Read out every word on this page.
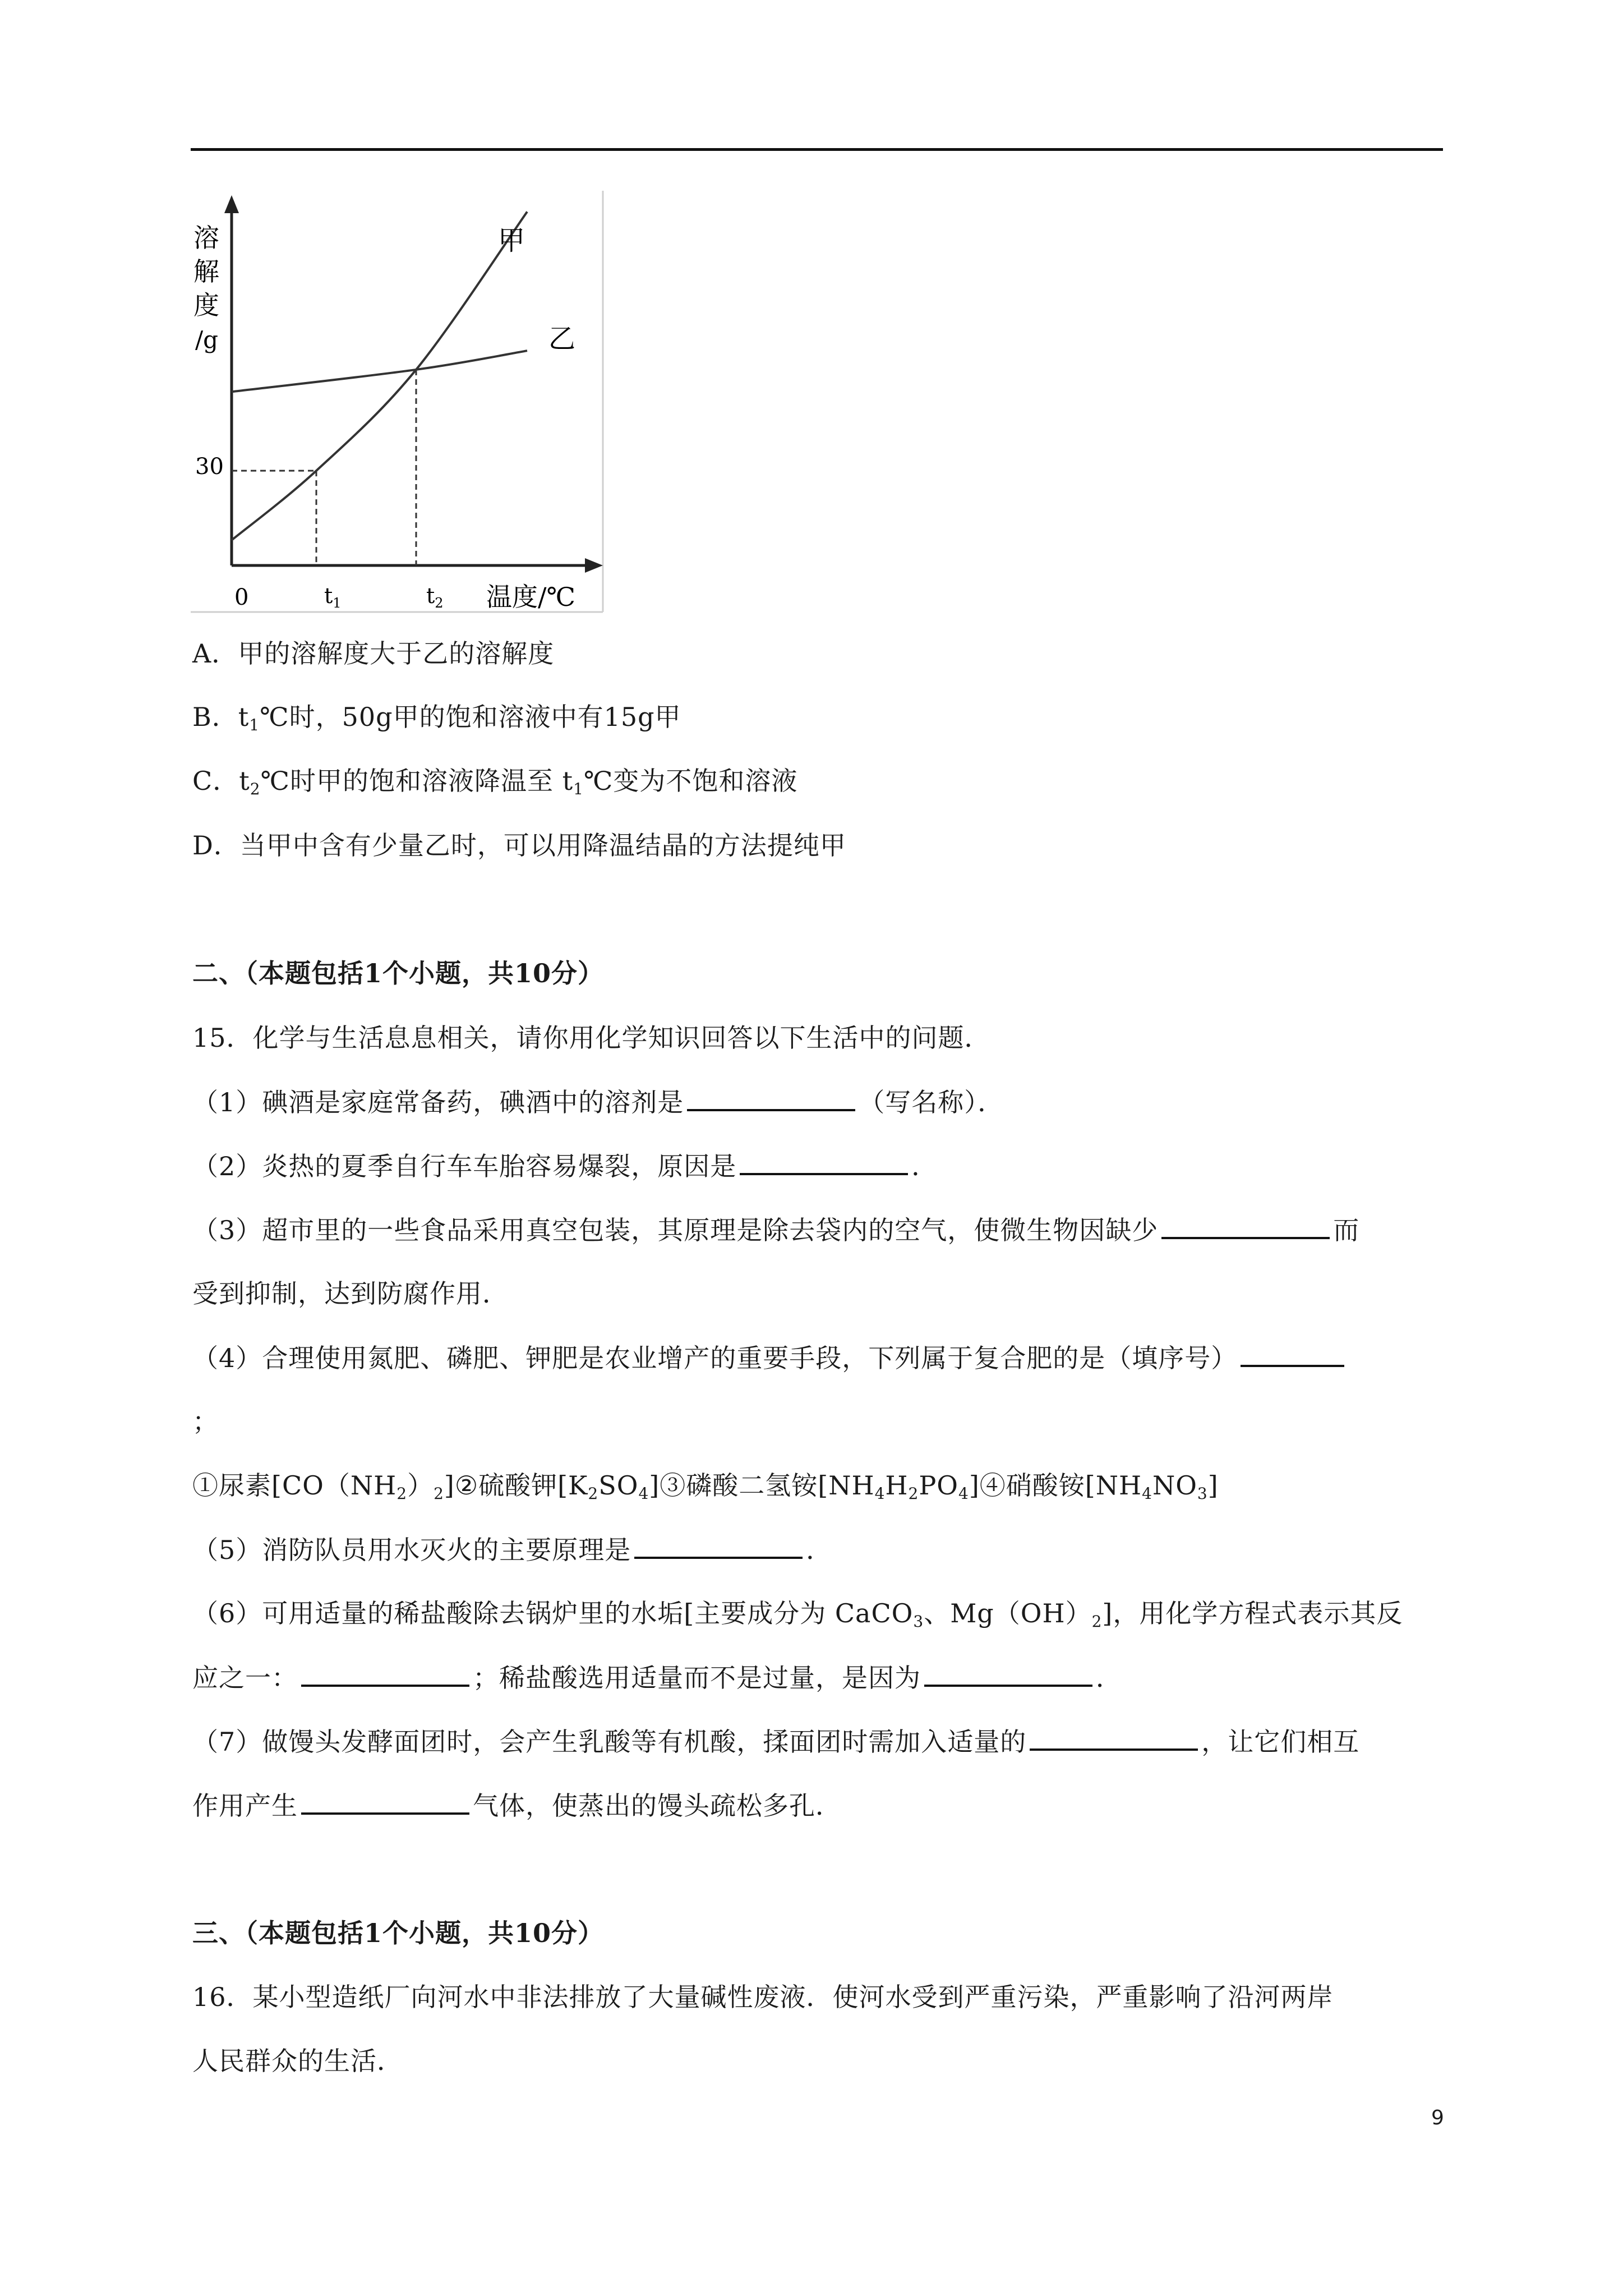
溶
解
度
/g
30
0	$t_1$	$t_2$ 温度/℃
甲
乙
A．甲的溶解度大于乙的溶解度
B．$t_1℃$时，50g甲的饱和溶液中有15g甲
C．$t_2℃$时甲的饱和溶液降温至 $t_1℃$变为不饱和溶液
D．当甲中含有少量乙时，可以用降温结晶的方法提纯甲
二、（本题包括1个小题，共10分）
15．化学与生活息息相关，请你用化学知识回答以下生活中的问题．
（1）碘酒是家庭常备药，碘酒中的溶剂是	（写名称）．
（2）炎热的夏季自行车车胎容易爆裂，原因是	．
（3）超市里的一些食品采用真空包装，其原理是除去袋内的空气，使微生物因缺少	而
受到抑制，达到防腐作用．
（4）合理使用氮肥、磷肥、钾肥是农业增产的重要手段，下列属于复合肥的是（填序号）
；
①尿素$[CO(NH_2)_2]②$硫酸钾$[K_2SO_4]③$磷酸二氢铵$[NH_4H_2PO_4]④$硝酸铵$[NH_4NO_3]$
（5）消防队员用水灭火的主要原理是	．
（6）可用适量的稀盐酸除去锅炉里的水垢[主要成分为 CaCO$_3$、$Mg(OH)_2$]，用化学方程式表示其反
应之一：	；稀盐酸选用适量而不是过量，是因为	．
（7）做馒头发酵面团时，会产生乳酸等有机酸，揉面团时需加入适量的	，让它们相互
作用产生	气体，使蒸出的馒头疏松多孔．
三、（本题包括1个小题，共10分）
16．某小型造纸厂向河水中非法排放了大量碱性废液．使河水受到严重污染，严重影响了沿河两岸
人民群众的生活．
9
